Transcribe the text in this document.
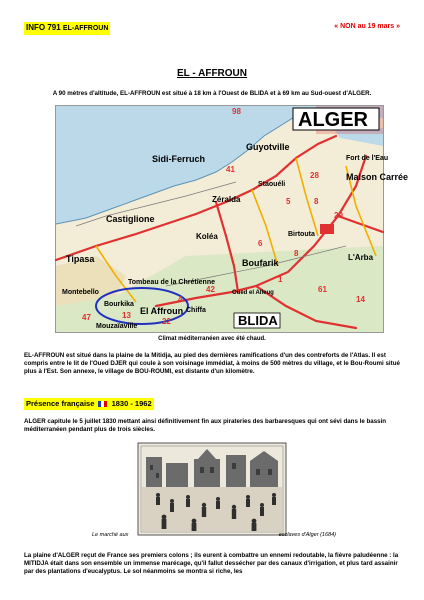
INFO 791 EL-AFFROUN	« NON au 19 mars »
EL - AFFROUN
A 90 mètres d'altitude, EL-AFFROUN est situé à 18 km à l'Ouest de BLIDA et à 69 km au Sud-ouest d'ALGER.
ALGER
BLIDA
Guyotville
Sidi-Ferruch
Zéralda
Castiglione
Tipasa
Koléa
Boufarik
Staouéli
Fort de l'Eau
Maison Carrée
L'Arba
Tombeau de la Chrétienne
Montebello
Bourkika
El Affroun Chiffa
Mouzaïaville
Birtouta
Oued el Alleug
98
41
28
5	8
29
6
1
8
61
42
13
22
4
47
14
Climat méditerranéen avec été chaud.
EL-AFFROUN est situé dans la plaine de la Mitidja, au pied des dernières ramifications d'un des contreforts de l'Atlas. Il est compris entre le lit de l'Oued DJER qui coule à son voisinage immédiat, à moins de 500 mètres du village, et le Bou-Roumi situé plus à l'Est. Son annexe, le village de BOU-ROUMI, est distante d'un kilomètre.
Présence française 1830 - 1962
ALGER capitule le 5 juillet 1830 mettant ainsi définitivement fin aux pirateries des barbaresques qui ont sévi dans le bassin méditerranéen pendant plus de trois siècles.
Le marché aux	esclaves d'Alger (1684)
La plaine d'ALGER reçut de France ses premiers colons ; ils eurent à combattre un ennemi redoutable, la fièvre paludéenne : la MITIDJA était dans son ensemble un immense marécage, qu'il fallut dessécher par des canaux d'irrigation, et plus tard assainir par des plantations d'eucalyptus. Le sol néanmoins se montra si riche, les
